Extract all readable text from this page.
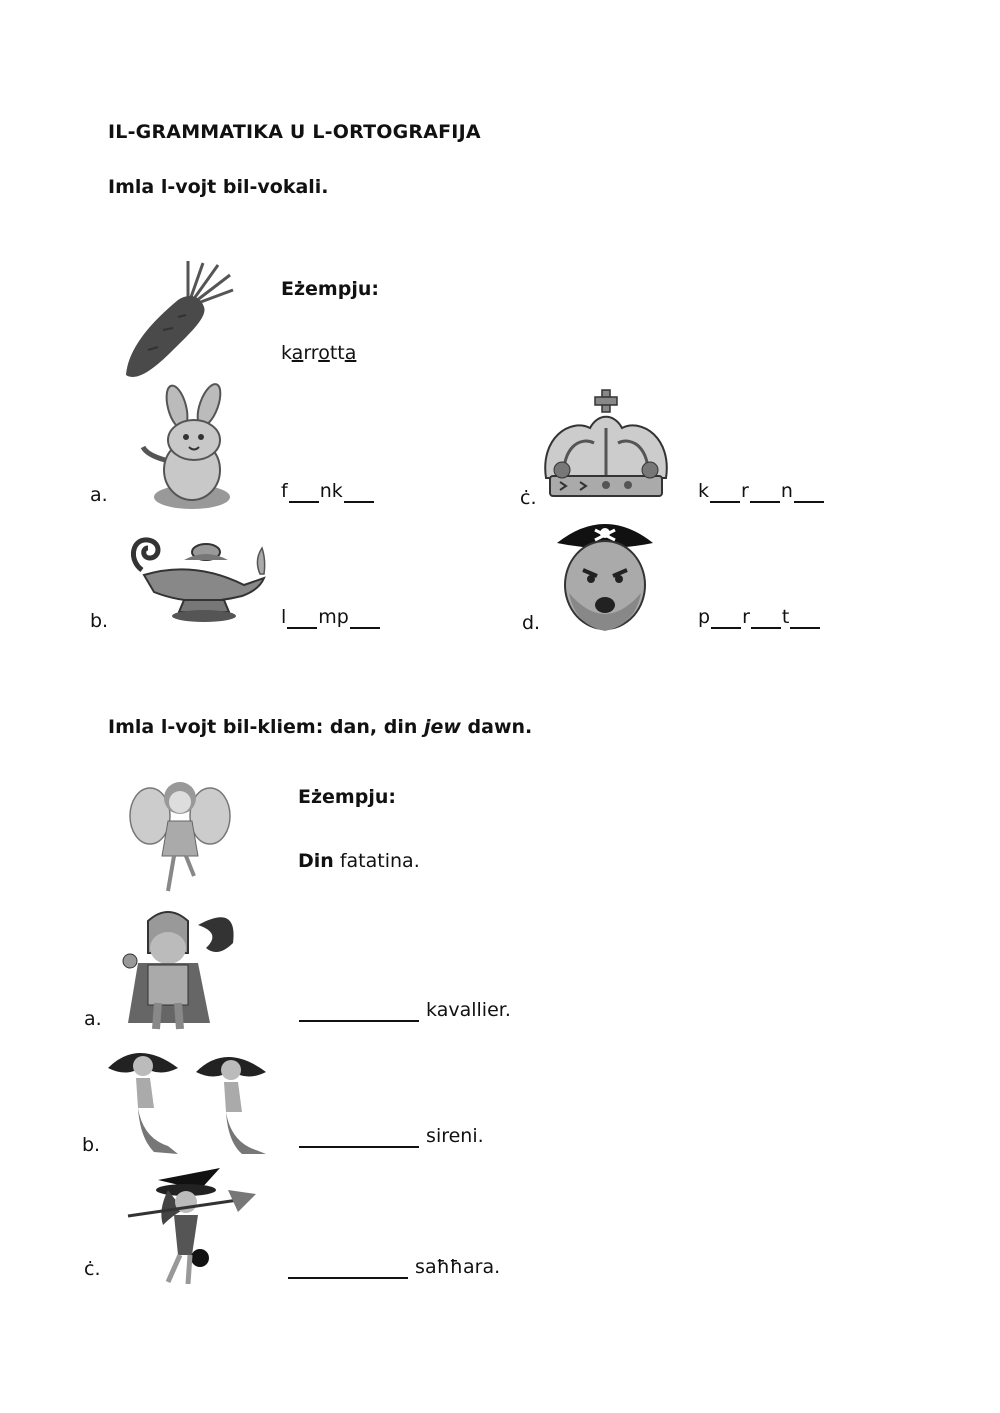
IL-GRAMMATIKA U L-ORTOGRAFIJA
Imla l-vojt bil-vokali.
Eżempju:
karrotta
a.	f nk
b.	l mp
ċ.	k r n
d.	p r t
Imla l-vojt bil-kliem: dan, din jew dawn.
Eżempju:
Din fatatina.
a.	kavallier.
b.	sireni.
ċ.	saħħara.
